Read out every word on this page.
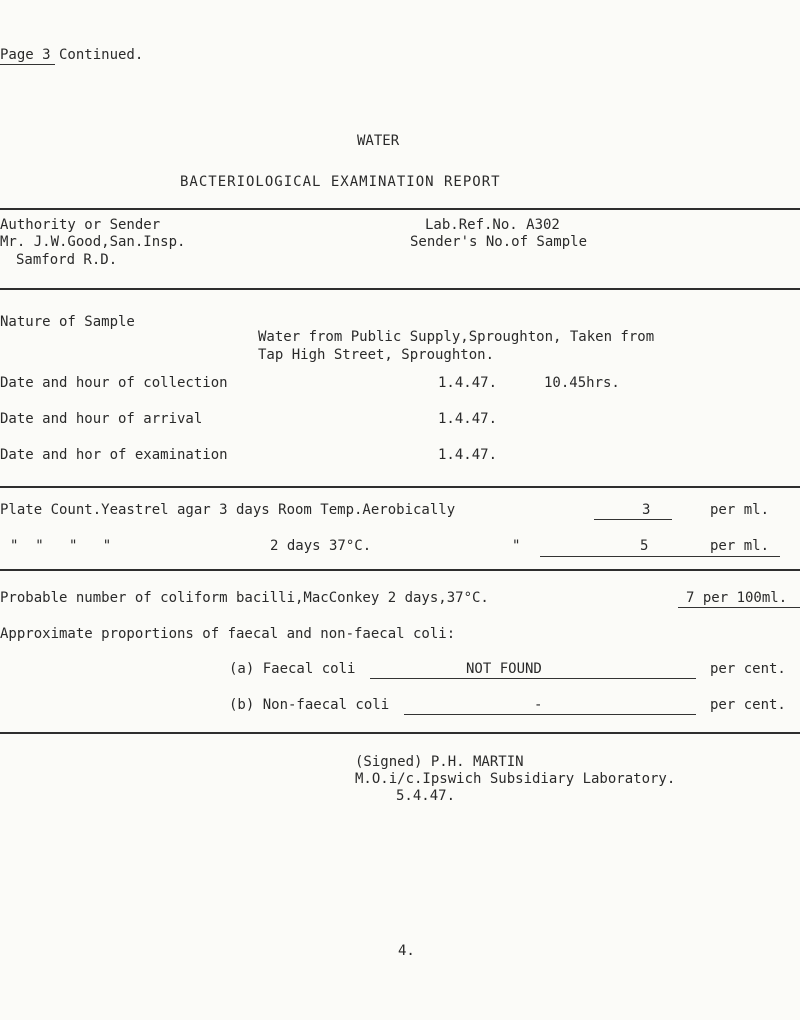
Page 3 Continued.
WATER
BACTERIOLOGICAL EXAMINATION REPORT
Authority or Sender	Lab.Ref.No. A302
Mr. J.W.Good,San.Insp.	Sender's No.of Sample
Samford R.D.
Nature of Sample
Water from Public Supply,Sproughton, Taken from
Tap High Street, Sproughton.
Date and hour of collection	1.4.47.	10.45hrs.
Date and hour of arrival	1.4.47.
Date and hor of examination	1.4.47.
Plate Count.Yeastrel agar 3 days Room Temp.Aerobically	3	per ml.
"  "   "   "	2 days 37°C.	"	5	per ml.
Probable number of coliform bacilli,MacConkey 2 days,37°C.	7 per 100ml.
Approximate proportions of faecal and non-faecal coli:
(a) Faecal coli	NOT FOUND	per cent.
(b) Non-faecal coli	-	per cent.
(Signed) P.H. MARTIN
M.O.i/c.Ipswich Subsidiary Laboratory.
5.4.47.
4.
